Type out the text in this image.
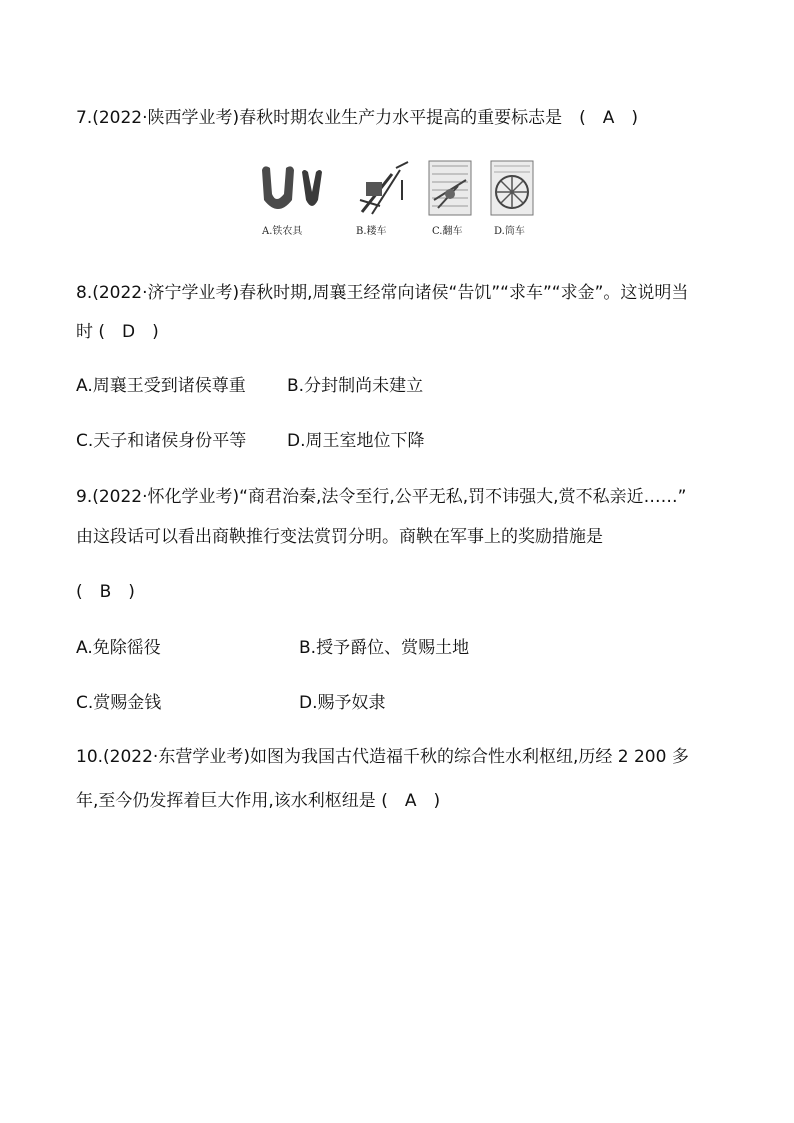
7.(2022·陕西学业考)春秋时期农业生产力水平提高的重要标志是　(　A　)
A.铁农具	B.耧车	C.翻车	D.筒车
8.(2022·济宁学业考)春秋时期,周襄王经常向诸侯“告饥”“求车”“求金”。这说明当
时 (　D　)
A.周襄王受到诸侯尊重 B.分封制尚未建立
C.天子和诸侯身份平等 D.周王室地位下降
9.(2022·怀化学业考)“商君治秦,法令至行,公平无私,罚不讳强大,赏不私亲近……”
由这段话可以看出商鞅推行变法赏罚分明。商鞅在军事上的奖励措施是
(　B　)
A.免除徭役	B.授予爵位、赏赐土地
C.赏赐金钱	D.赐予奴隶
10.(2022·东营学业考)如图为我国古代造福千秋的综合性水利枢纽,历经 2 200 多
年,至今仍发挥着巨大作用,该水利枢纽是 (　A　)
